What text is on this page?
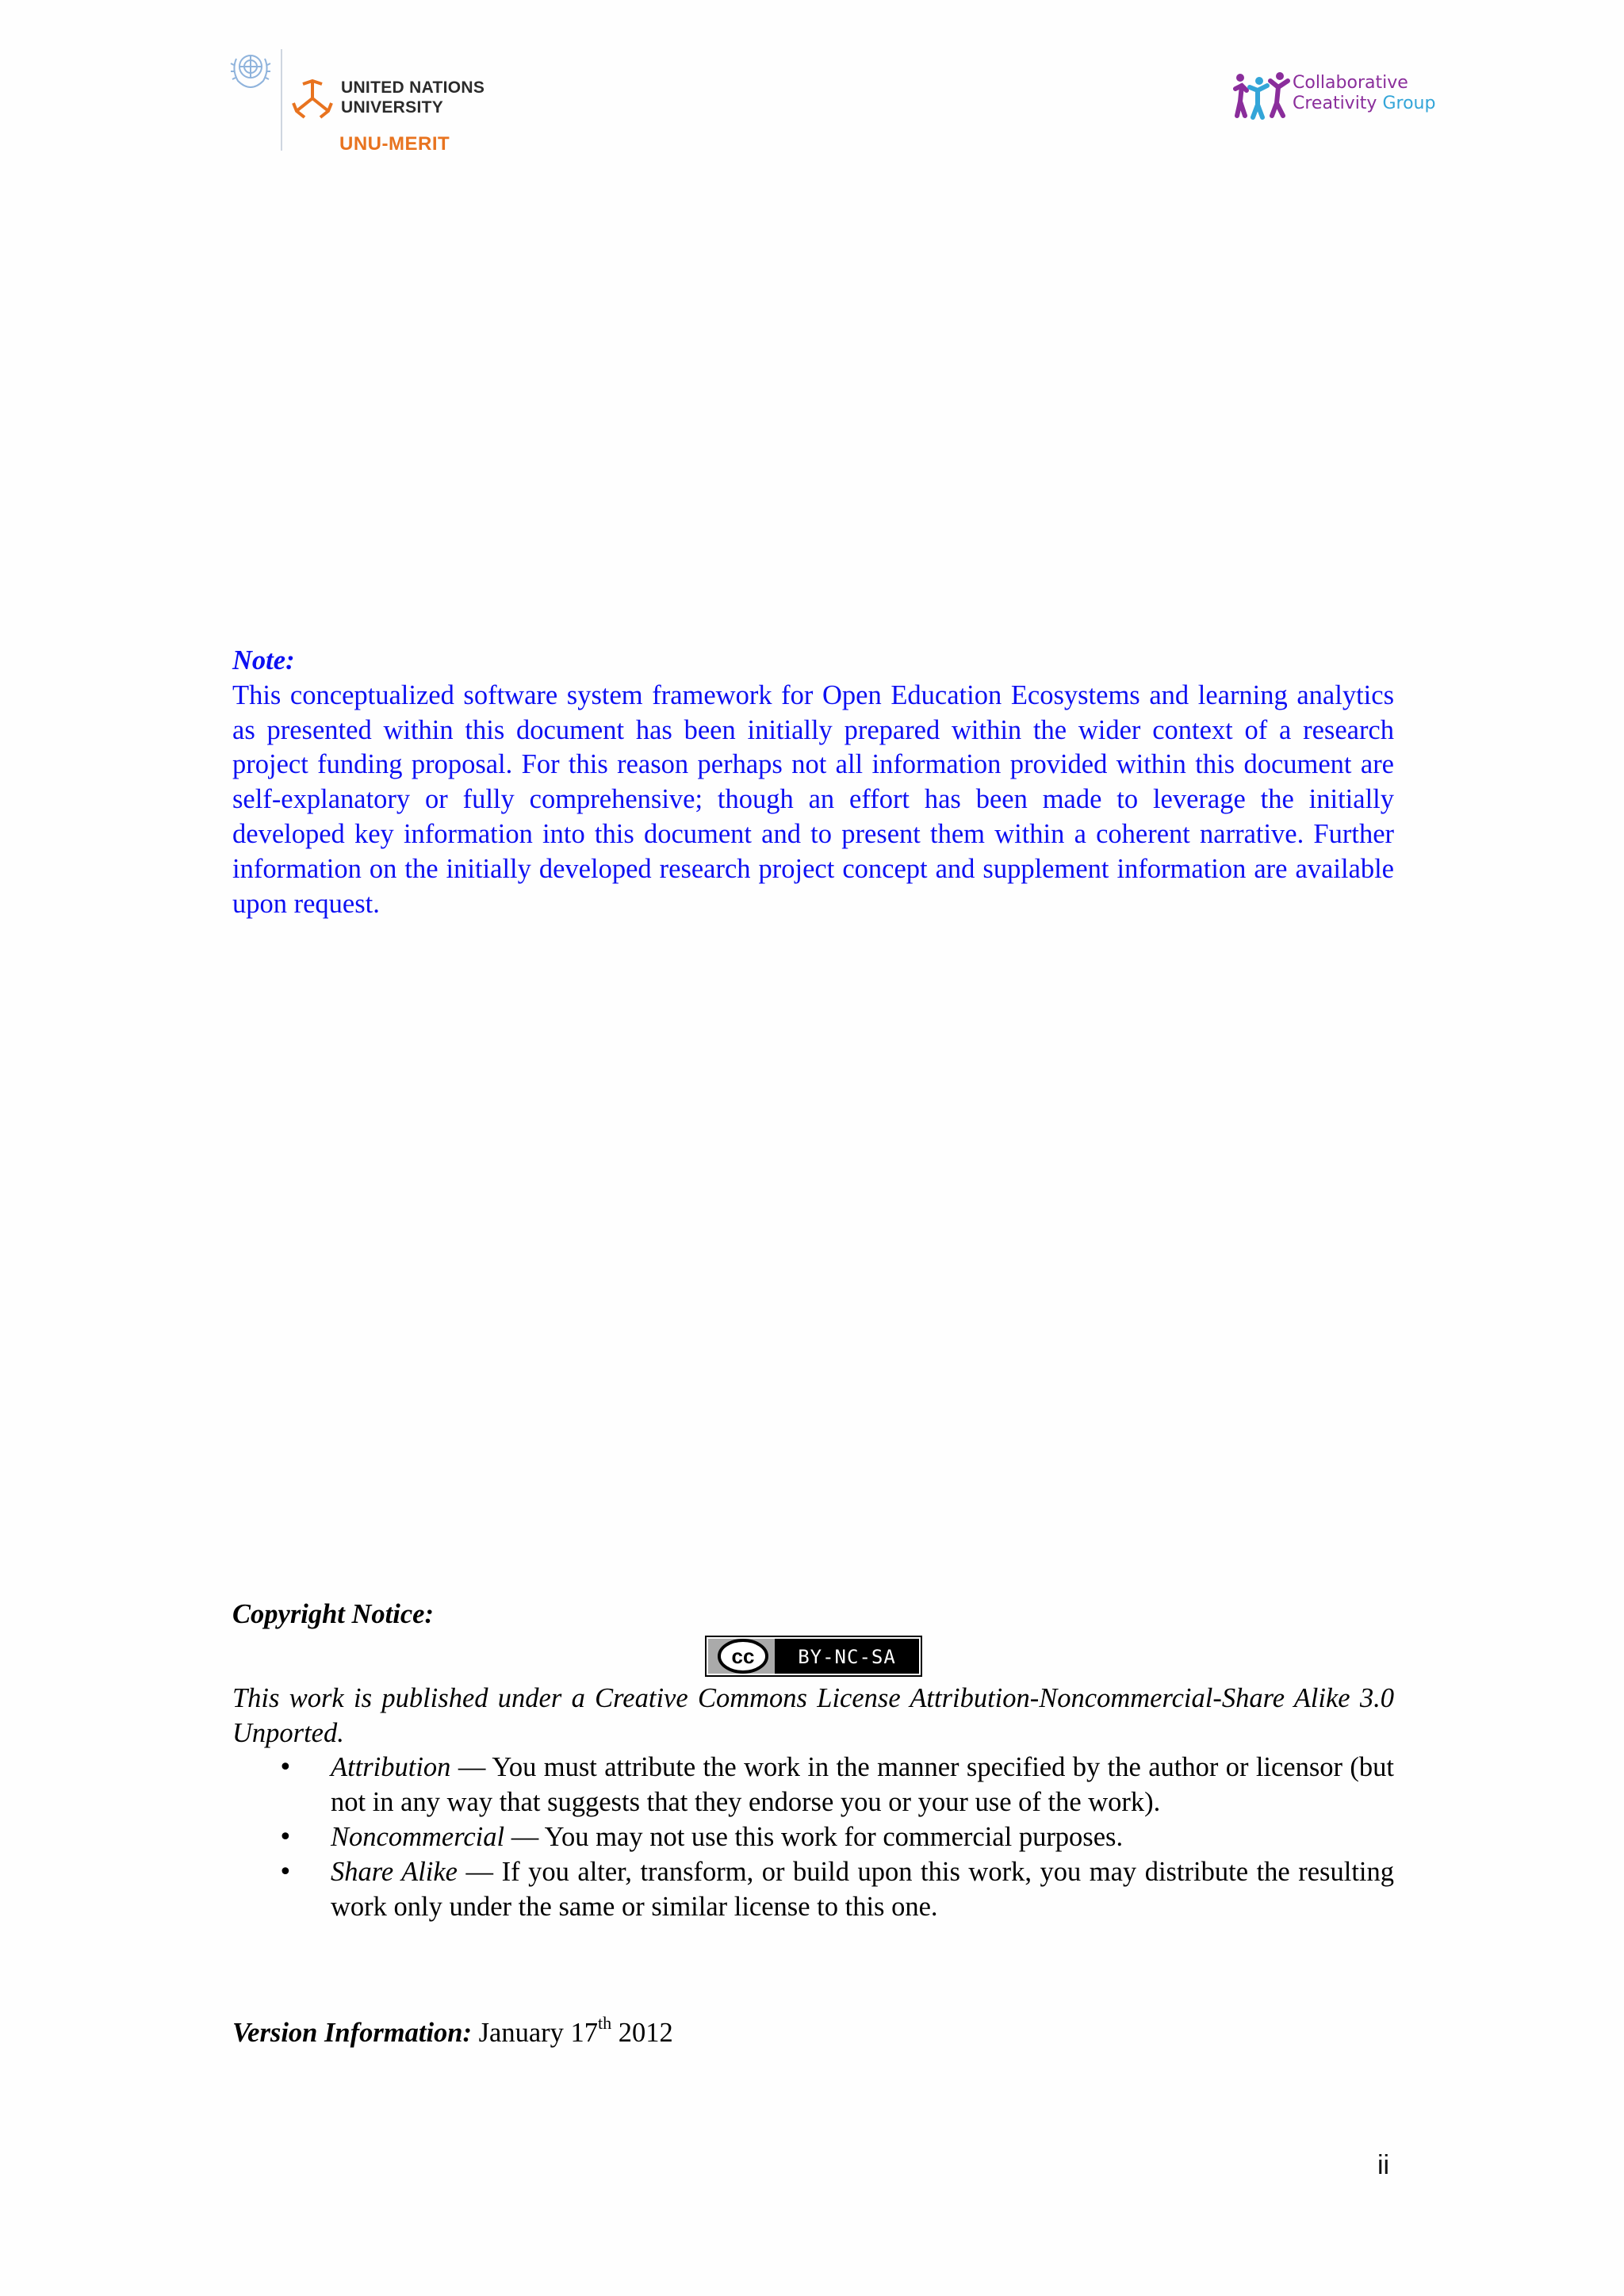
UNITED NATIONS
UNIVERSITY
UNU-MERIT
Collaborative
Creativity Group
Note:
This conceptualized software system framework for Open Education Ecosystems and learning analytics as presented within this document has been initially prepared within the wider context of a research project funding proposal. For this reason perhaps not all information provided within this document are self-explanatory or fully comprehensive; though an effort has been made to leverage the initially developed key information into this document and to present them within a coherent narrative. Further information on the initially developed research project concept and supplement information are available upon request.
Copyright Notice:
cc BY-NC-SA
This work is published under a Creative Commons License Attribution-Noncommercial-Share Alike 3.0 Unported.
• Attribution — You must attribute the work in the manner specified by the author or licensor (but not in any way that suggests that they endorse you or your use of the work).
• Noncommercial — You may not use this work for commercial purposes.
• Share Alike — If you alter, transform, or build upon this work, you may distribute the resulting work only under the same or similar license to this one.
Version Information: January 17th 2012
ii
